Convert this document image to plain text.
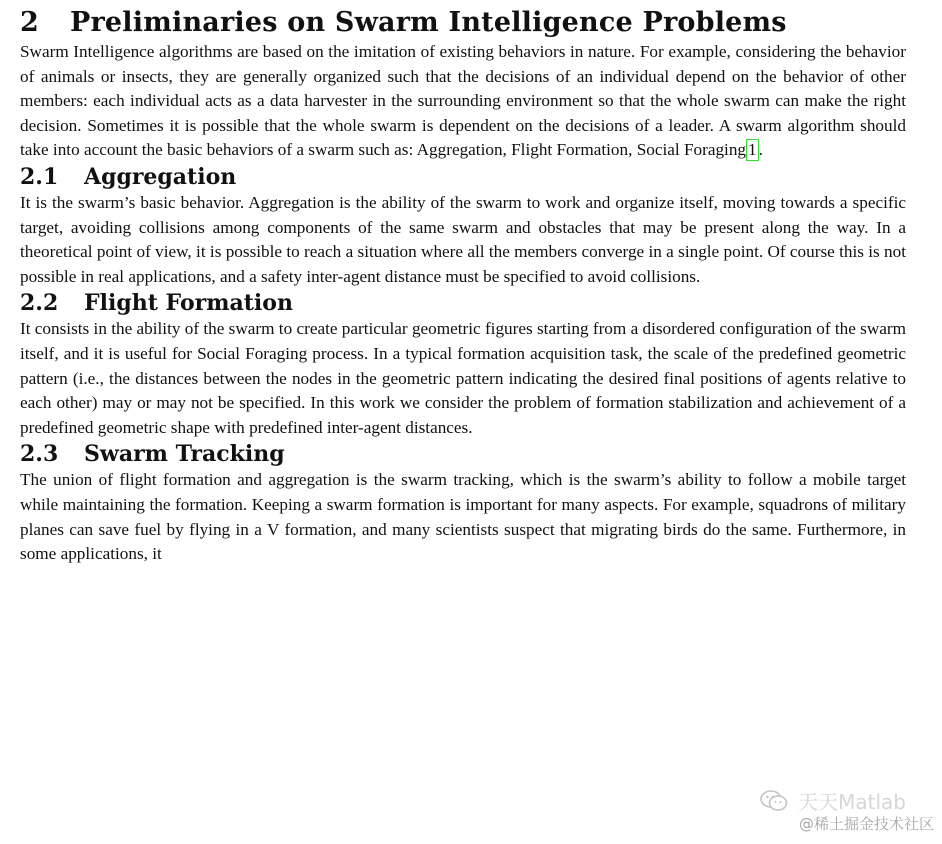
2 Preliminaries on Swarm Intelligence Problems

Swarm Intelligence algorithms are based on the imitation of existing behaviors in nature. For example, considering the behavior of animals or insects, they are generally organized such that the decisions of an individual depend on the behavior of other members: each individual acts as a data harvester in the surrounding environment so that the whole swarm can make the right decision. Sometimes it is possible that the whole swarm is dependent on the decisions of a leader. A swarm algorithm should take into account the basic behaviors of a swarm such as: Aggregation, Flight Formation, Social Foraging 1 .

2.1 Aggregation

It is the swarm’s basic behavior. Aggregation is the ability of the swarm to work and organize itself, moving towards a specific target, avoiding collisions among components of the same swarm and obstacles that may be present along the way. In a theoretical point of view, it is possible to reach a situation where all the members converge in a single point. Of course this is not possible in real applications, and a safety inter-agent distance must be specified to avoid collisions.

2.2 Flight Formation

It consists in the ability of the swarm to create particular geometric figures starting from a disordered configuration of the swarm itself, and it is useful for Social Foraging process. In a typical formation acquisition task, the scale of the predefined geometric pattern (i.e., the distances between the nodes in the geometric pattern indicating the desired final positions of agents relative to each other) may or may not be specified. In this work we consider the problem of formation stabilization and achievement of a predefined geometric shape with predefined inter-agent distances.

2.3 Swarm Tracking

The union of flight formation and aggregation is the swarm tracking, which is the swarm’s ability to follow a mobile target while maintaining the formation. Keeping a swarm formation is important for many aspects. For example, squadrons of military planes can save fuel by flying in a V formation, and many scientists suspect that migrating birds do the same. Furthermore, in some applications, it

天天Matlab
@稀土掘金技术社区
